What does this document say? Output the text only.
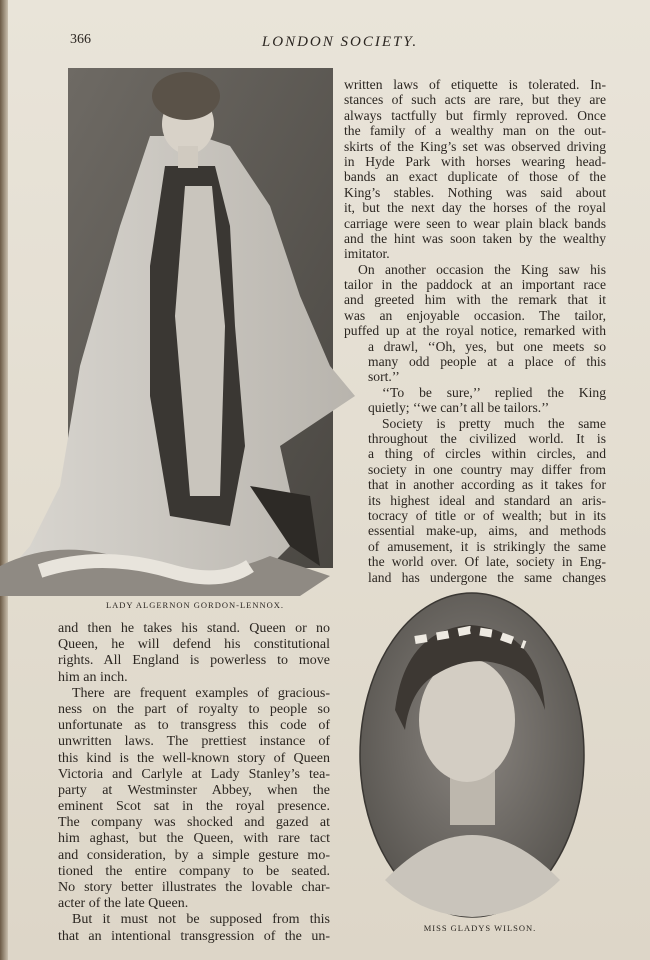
366	LONDON SOCIETY.
LADY ALGERNON GORDON-LENNOX.
MISS GLADYS WILSON.
written laws of etiquette is tolerated. In-
stances of such acts are rare, but they are
always tactfully but firmly reproved. Once
the family of a wealthy man on the out-
skirts of the King’s set was observed driving
in Hyde Park with horses wearing head-
bands an exact duplicate of those of the
King’s stables. Nothing was said about
it, but the next day the horses of the royal
carriage were seen to wear plain black bands
and the hint was soon taken by the wealthy
imitator.
On another occasion the King saw his
tailor in the paddock at an important race
and greeted him with the remark that it
was an enjoyable occasion. The tailor,
puffed up at the royal notice, remarked with
a drawl, ‘‘Oh, yes, but one meets so
many odd people at a place of this
sort.’’
‘‘To be sure,’’ replied the King
quietly; ‘‘we can’t all be tailors.’’
Society is pretty much the same
throughout the civilized world. It is
a thing of circles within circles, and
society in one country may differ from
that in another according as it takes for
its highest ideal and standard an aris-
tocracy of title or of wealth; but in its
essential make-up, aims, and methods
of amusement, it is strikingly the same
the world over. Of late, society in Eng-
land has undergone the same changes
and then he takes his stand. Queen or no
Queen, he will defend his constitutional
rights. All England is powerless to move
him an inch.
There are frequent examples of gracious-
ness on the part of royalty to people so
unfortunate as to transgress this code of
unwritten laws. The prettiest instance of
this kind is the well-known story of Queen
Victoria and Carlyle at Lady Stanley’s tea-
party at Westminster Abbey, when the
eminent Scot sat in the royal presence.
The company was shocked and gazed at
him aghast, but the Queen, with rare tact
and consideration, by a simple gesture mo-
tioned the entire company to be seated.
No story better illustrates the lovable char-
acter of the late Queen.
But it must not be supposed from this
that an intentional transgression of the un-
